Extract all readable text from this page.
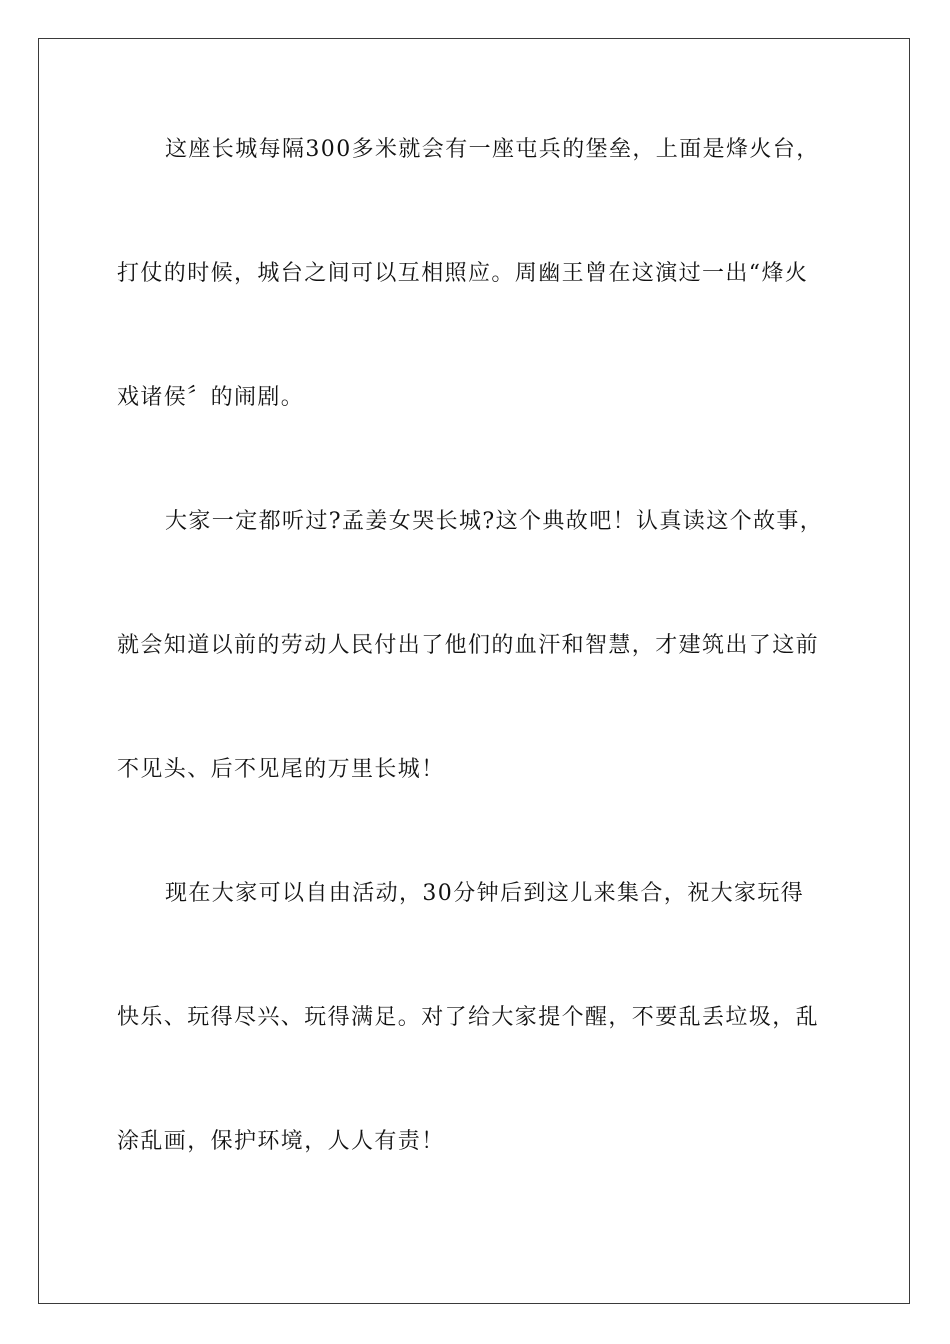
这座长城每隔300多米就会有一座屯兵的堡垒，上面是烽火台，
打仗的时候，城台之间可以互相照应。周幽王曾在这演过一出“烽火
戏诸侯〞的闹剧。
大家一定都听过?孟姜女哭长城?这个典故吧！认真读这个故事，
就会知道以前的劳动人民付出了他们的血汗和智慧，才建筑出了这前
不见头、后不见尾的万里长城！
现在大家可以自由活动，30分钟后到这儿来集合，祝大家玩得
快乐、玩得尽兴、玩得满足。对了给大家提个醒，不要乱丢垃圾，乱
涂乱画，保护环境，人人有责！
